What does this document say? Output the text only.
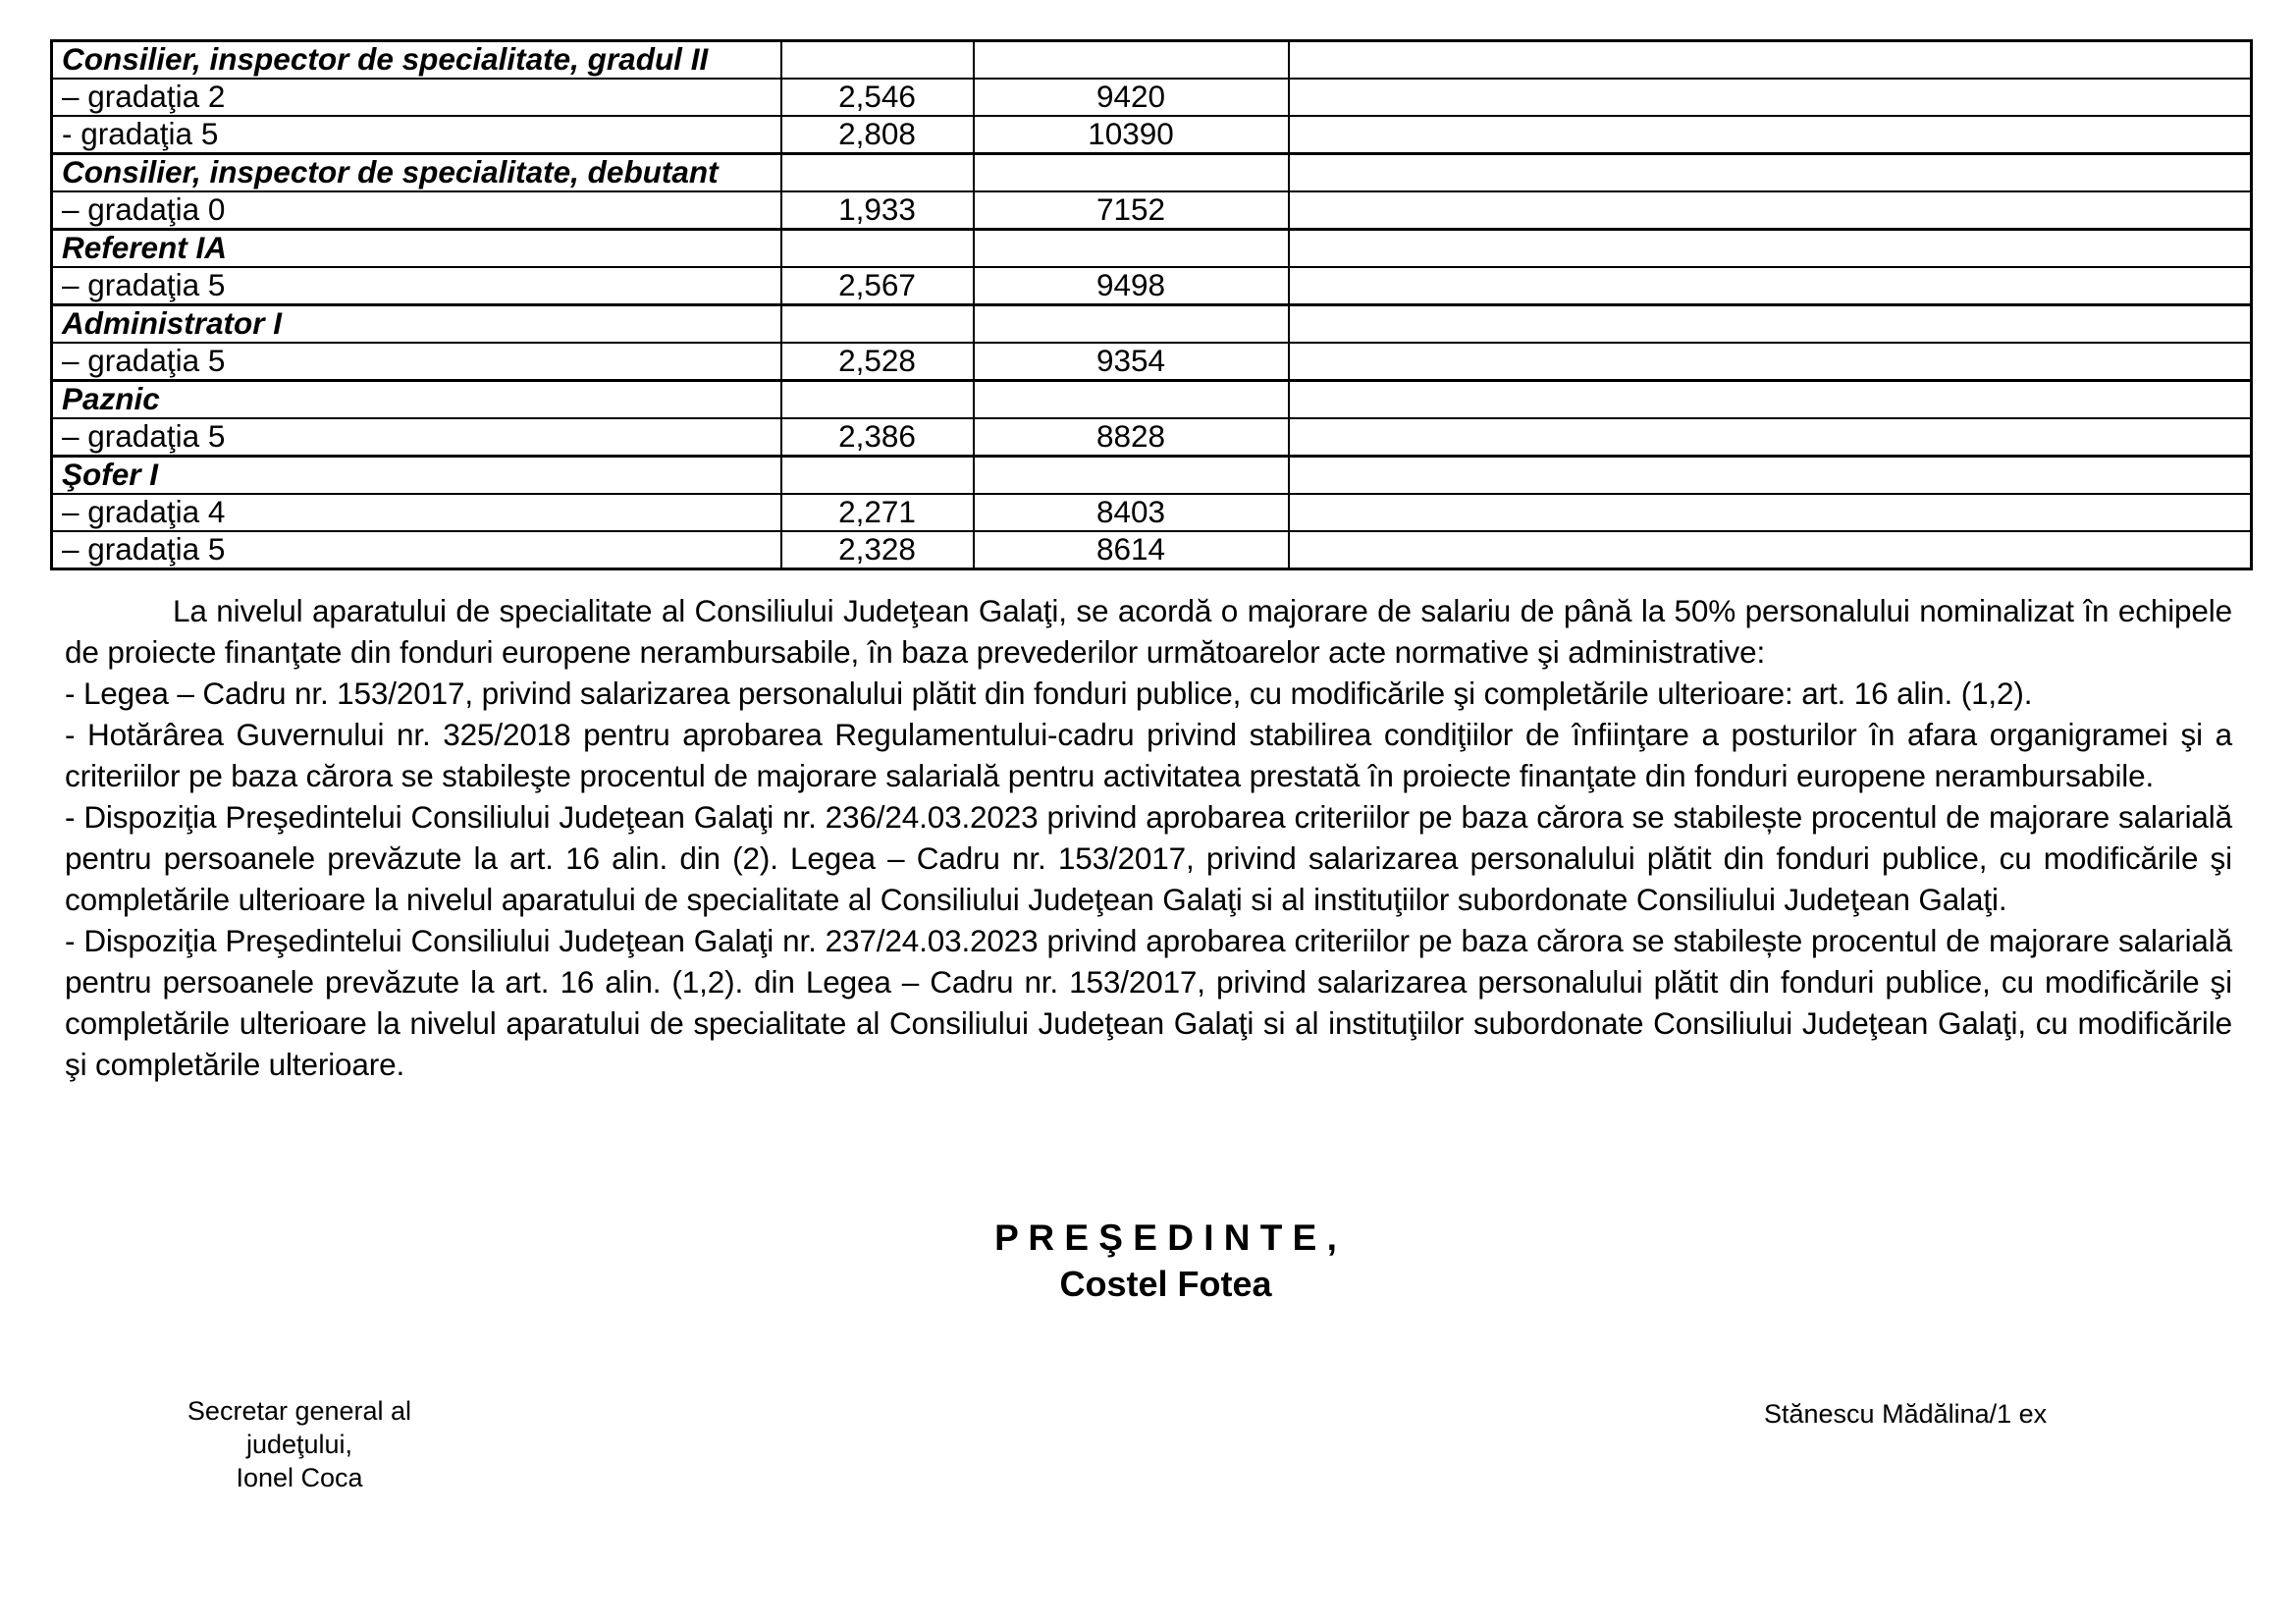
Consilier, inspector de specialitate, gradul II			
– gradaţia 2	2,546	9420	
- gradaţia 5	2,808	10390	
Consilier, inspector de specialitate, debutant			
– gradaţia 0	1,933	7152	
Referent IA			
– gradaţia 5	2,567	9498	
Administrator I			
– gradaţia 5	2,528	9354	
Paznic			
– gradaţia 5	2,386	8828	
Şofer I			
– gradaţia 4	2,271	8403	
– gradaţia 5	2,328	8614	

La nivelul aparatului de specialitate al Consiliului Judeţean Galaţi, se acordă o majorare de salariu de până la 50% personalului nominalizat în echipele de proiecte finanţate din fonduri europene nerambursabile, în baza prevederilor următoarelor acte normative şi administrative:

- Legea – Cadru nr. 153/2017, privind salarizarea personalului plătit din fonduri publice, cu modificările şi completările ulterioare: art. 16 alin. (1,2).

- Hotărârea Guvernului nr. 325/2018 pentru aprobarea Regulamentului-cadru privind stabilirea condiţiilor de înfiinţare a posturilor în afara organigramei şi a criteriilor pe baza cărora se stabileşte procentul de majorare salarială pentru activitatea prestată în proiecte finanţate din fonduri europene nerambursabile.

- Dispoziţia Preşedintelui Consiliului Judeţean Galaţi nr. 236/24.03.2023 privind aprobarea criteriilor pe baza cărora se stabilește procentul de majorare salarială pentru persoanele prevăzute la art. 16 alin. din (2). Legea – Cadru nr. 153/2017, privind salarizarea personalului plătit din fonduri publice, cu modificările şi completările ulterioare la nivelul aparatului de specialitate al Consiliului Judeţean Galaţi si al instituţiilor subordonate Consiliului Judeţean Galaţi.

- Dispoziţia Preşedintelui Consiliului Judeţean Galaţi nr. 237/24.03.2023 privind aprobarea criteriilor pe baza cărora se stabilește procentul de majorare salarială pentru persoanele prevăzute la art. 16 alin. (1,2). din Legea – Cadru nr. 153/2017, privind salarizarea personalului plătit din fonduri publice, cu modificările şi completările ulterioare la nivelul aparatului de specialitate al Consiliului Judeţean Galaţi si al instituţiilor subordonate Consiliului Judeţean Galaţi, cu modificările şi completările ulterioare.

P R E Ş E D I N T E ,
Costel Fotea
Secretar general al judeţului,
Ionel Coca
Stănescu Mădălina/1 ex
